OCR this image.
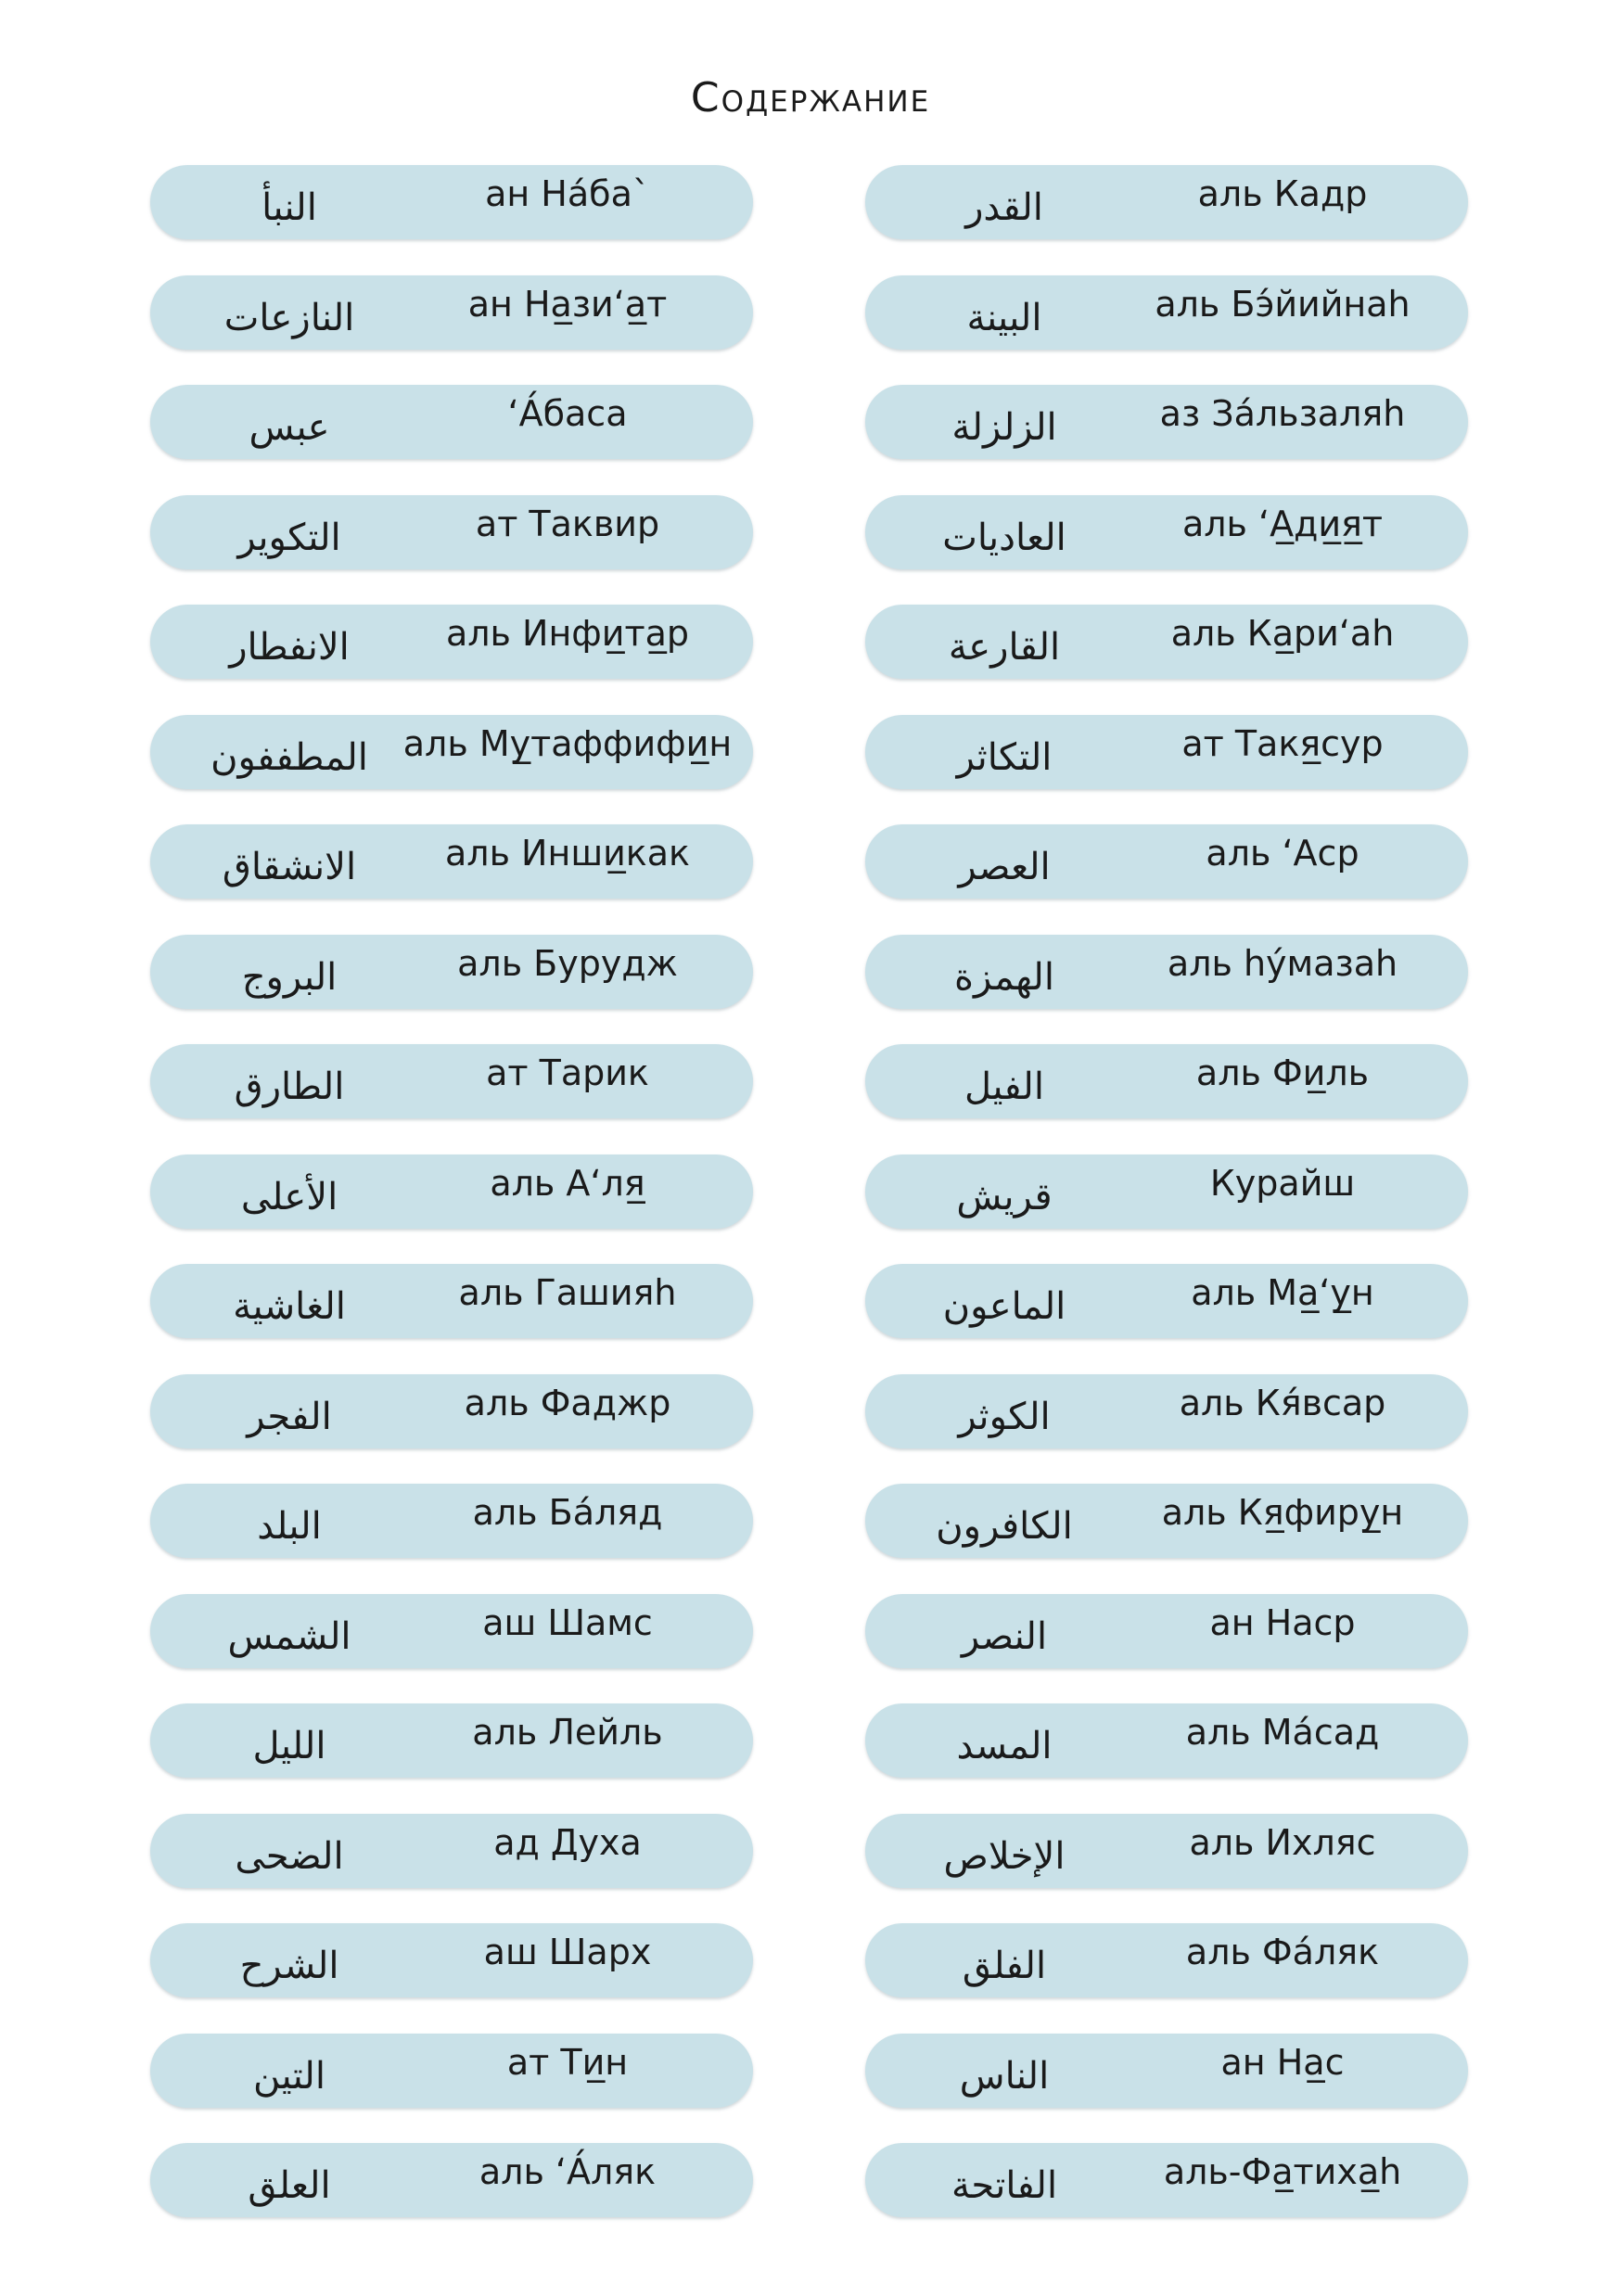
Содержание
النبأ	ан На́ба`
النازعات	ан На̲зи‘а̲т
عبس	‘А́баса
التكوير	ат Таквир
الانفطار	аль Инфи̲та̲р
المطففون аль Му̲таффифи̲н
الانشقاق	аль Инши̲как
البروج	аль Бурудж
الطارق	ат Тарик
الأعلى	аль А‘ля̲
الغاشية	аль Гашияһ
الفجر	аль Фаджр
البلد	аль Ба́ляд
الشمس	аш Шамс
الليل	аль Лейль
الضحى	ад Духа
الشرح	аш Шарх
التين	ат Ти̲н
العلق	аль ‘А́ляк
القدر	аль Кадр
البينة	аль Бэ́йийнаһ
الزلزلة	аз За́льзаляһ
العاديات	аль ‘А̲ди̲я̲т
القارعة	аль Ка̲ри‘аһ
التكاثر	ат Такя̲сур
العصر	аль ‘Аср
الهمزة	аль һу́мазаһ
الفيل	аль Фи̲ль
قريش	Курайш
الماعون	аль Ма̲‘у̲н
الكوثر	аль Кя́всар
الكافرون	аль Кя̲фиру̲н
النصر	ан Наср
المسد	аль Ма́сад
الإخلاص	аль Ихляс
الفلق	аль Фа́ляк
الناس	ан На̲с
الفاتحة	аль-Фа̲тиха̲һ
